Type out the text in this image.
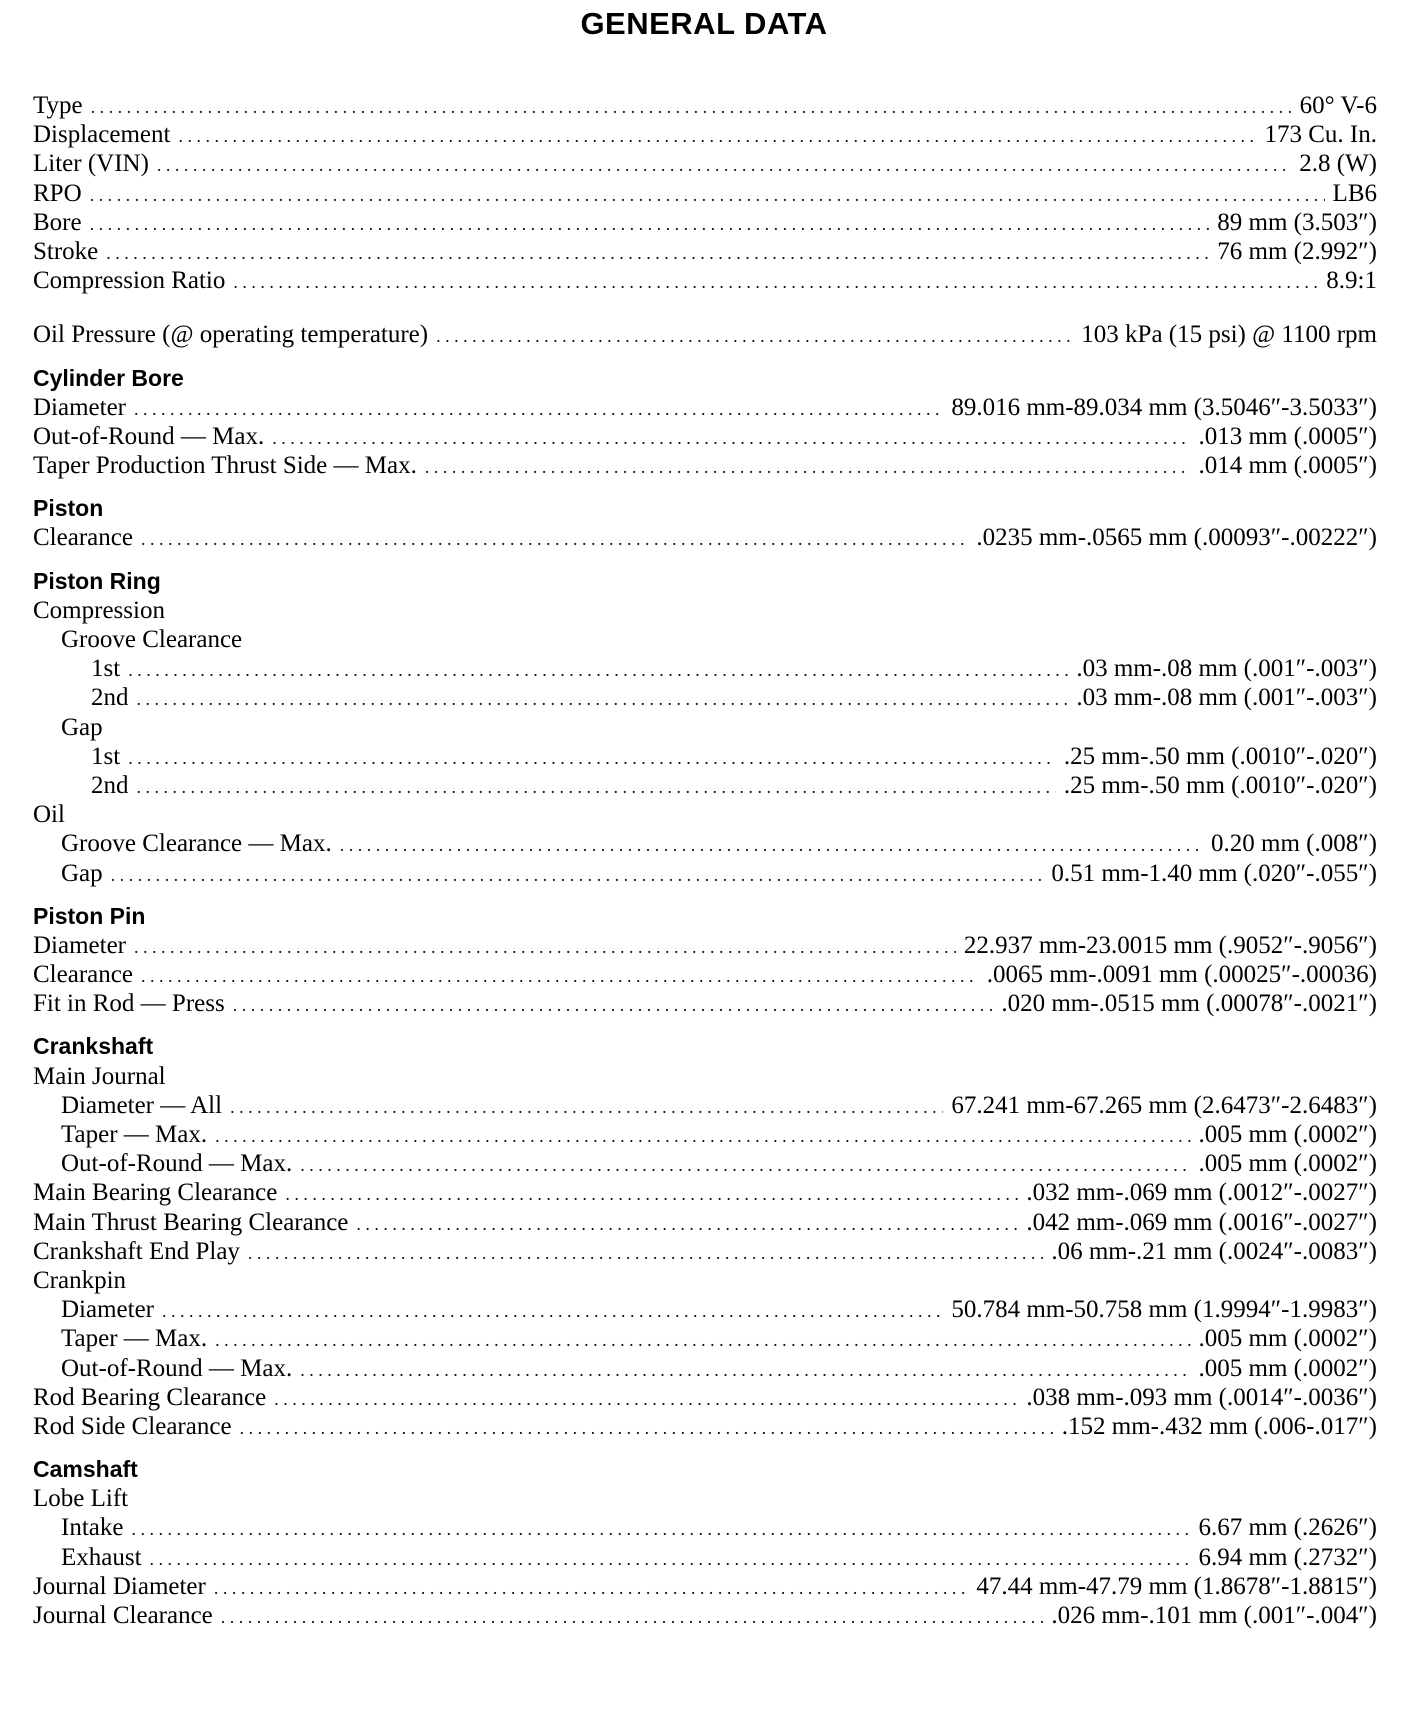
GENERAL DATA
Type . . .	60° V-6
Displacement . . .	173 Cu. In.
Liter (VIN) . . .	2.8 (W)
RPO . . .	LB6
Bore . . .	89 mm (3.503″)
Stroke . . .	76 mm (2.992″)
Compression Ratio . . .	8.9:1
Oil Pressure (@ operating temperature) . . .	103 kPa (15 psi) @ 1100 rpm
Cylinder Bore
Diameter . . .	89.016 mm-89.034 mm (3.5046″-3.5033″)
Out-of-Round — Max. . . .	.013 mm (.0005″)
Taper Production Thrust Side — Max. . . .	.014 mm (.0005″)
Piston
Clearance . . .	.0235 mm-.0565 mm (.00093″-.00222″)
Piston Ring
Compression
Groove Clearance
1st . . .	.03 mm-.08 mm (.001″-.003″)
2nd . . .	.03 mm-.08 mm (.001″-.003″)
Gap
1st . . .	.25 mm-.50 mm (.0010″-.020″)
2nd . . .	.25 mm-.50 mm (.0010″-.020″)
Oil
Groove Clearance — Max. . . .	0.20 mm (.008″)
Gap . . .	0.51 mm-1.40 mm (.020″-.055″)
Piston Pin
Diameter . . .	22.937 mm-23.0015 mm (.9052″-.9056″)
Clearance . . .	.0065 mm-.0091 mm (.00025″-.00036)
Fit in Rod — Press . . .	.020 mm-.0515 mm (.00078″-.0021″)
Crankshaft
Main Journal
Diameter — All . . .	67.241 mm-67.265 mm (2.6473″-2.6483″)
Taper — Max. . . .	.005 mm (.0002″)
Out-of-Round — Max. . . .	.005 mm (.0002″)
Main Bearing Clearance . . .	.032 mm-.069 mm (.0012″-.0027″)
Main Thrust Bearing Clearance . . .	.042 mm-.069 mm (.0016″-.0027″)
Crankshaft End Play . . .	.06 mm-.21 mm (.0024″-.0083″)
Crankpin
Diameter . . .	50.784 mm-50.758 mm (1.9994″-1.9983″)
Taper — Max. . . .	.005 mm (.0002″)
Out-of-Round — Max. . . .	.005 mm (.0002″)
Rod Bearing Clearance . . .	.038 mm-.093 mm (.0014″-.0036″)
Rod Side Clearance . . .	.152 mm-.432 mm (.006-.017″)
Camshaft
Lobe Lift
Intake . . .	6.67 mm (.2626″)
Exhaust . . .	6.94 mm (.2732″)
Journal Diameter . . .	47.44 mm-47.79 mm (1.8678″-1.8815″)
Journal Clearance . . .	.026 mm-.101 mm (.001″-.004″)
